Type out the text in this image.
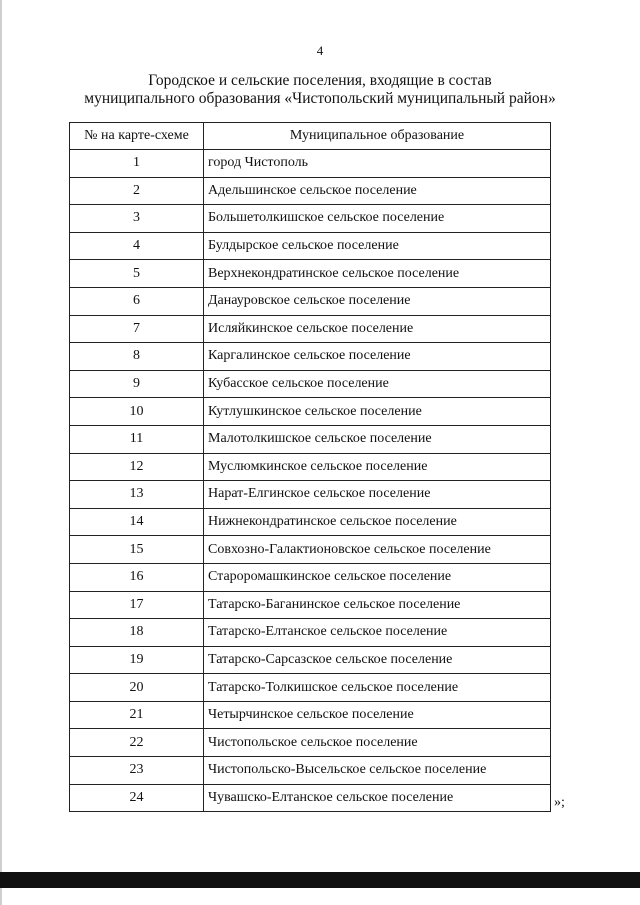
4
Городское и сельские поселения, входящие в состав
муниципального образования «Чистопольский муниципальный район»
№ на карте-схеме	Муниципальное образование
1	город Чистополь
2	Адельшинское сельское поселение
3	Большетолкишское сельское поселение
4	Булдырское сельское поселение
5	Верхнекондратинское сельское поселение
6	Данауровское сельское поселение
7	Исляйкинское сельское поселение
8	Каргалинское сельское поселение
9	Кубасское сельское поселение
10	Кутлушкинское сельское поселение
11	Малотолкишское сельское поселение
12	Муслюмкинское сельское поселение
13	Нарат-Елгинское сельское поселение
14	Нижнекондратинское сельское поселение
15	Совхозно-Галактионовское сельское поселение
16	Староромашкинское сельское поселение
17	Татарско-Баганинское сельское поселение
18	Татарско-Елтанское сельское поселение
19	Татарско-Сарсазское сельское поселение
20	Татарско-Толкишское сельское поселение
21	Четырчинское сельское поселение
22	Чистопольское сельское поселение
23	Чистопольско-Высельское сельское поселение
24	Чувашско-Елтанское сельское поселение	»;
